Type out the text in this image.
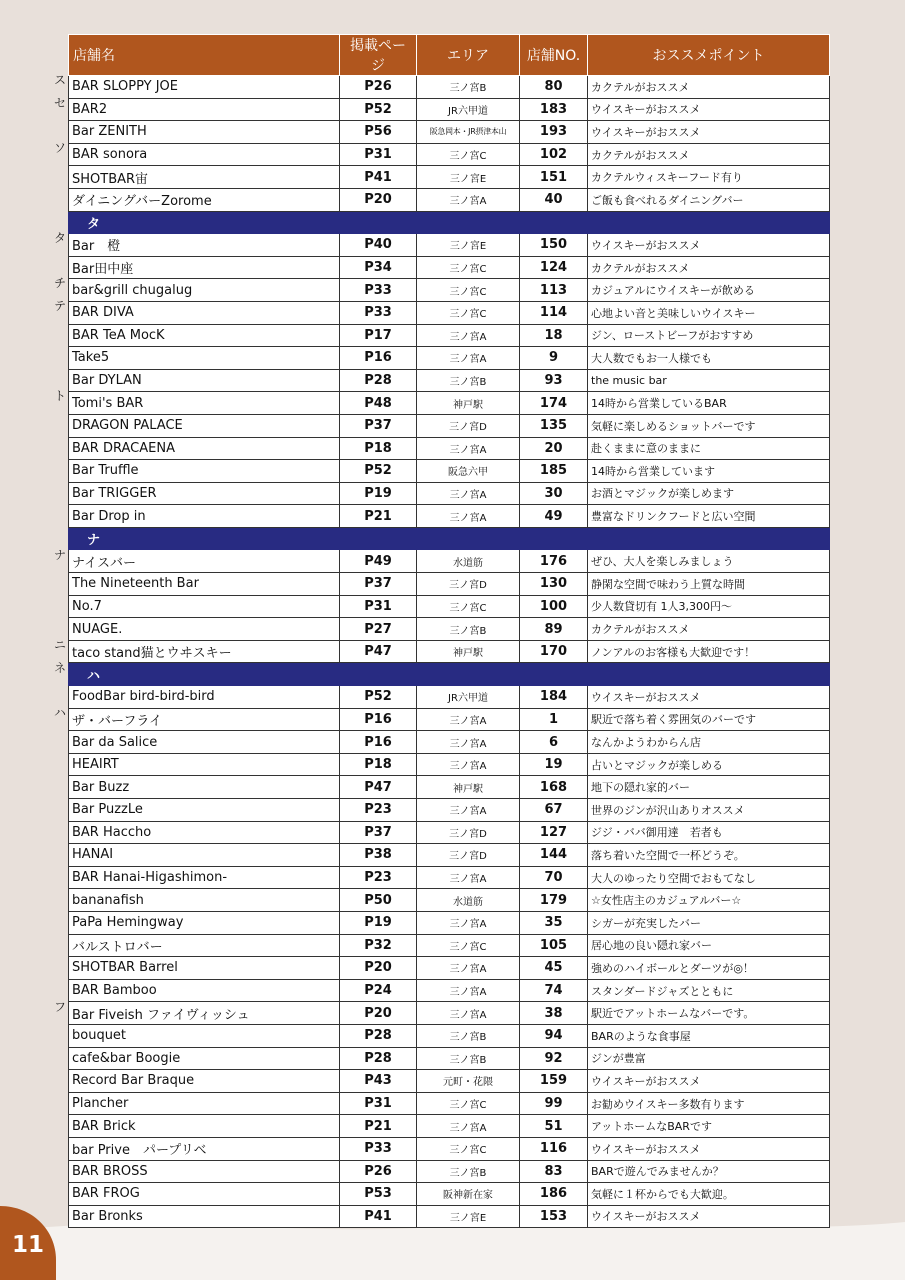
11
ス
セ
ソ
タ
チ
テ
ト
ナ
ニ
ネ
ハ
フ
店舗名	掲載ページ	エリア	店舗NO.	おススメポイント
BAR SLOPPY JOE	P26	三ノ宮B	80	カクテルがおススメ
BAR2	P52	JR六甲道	183	ウイスキーがおススメ
Bar ZENITH	P56	阪急岡本・JR摂津本山	193	ウイスキーがおススメ
BAR sonora	P31	三ノ宮C	102	カクテルがおススメ
SHOTBAR宙	P41	三ノ宮E	151	カクテルウィスキーフード有り
ダイニングバーZorome	P20	三ノ宮A	40	ご飯も食べれるダイニングバー
タ				
Bar　橙	P40	三ノ宮E	150	ウイスキーがおススメ
Bar田中座	P34	三ノ宮C	124	カクテルがおススメ
bar&grill chugalug	P33	三ノ宮C	113	カジュアルにウイスキーが飲める
BAR DIVA	P33	三ノ宮C	114	心地よい音と美味しいウイスキー
BAR TeA MocK	P17	三ノ宮A	18	ジン、ローストビーフがおすすめ
Take5	P16	三ノ宮A	9	大人数でもお一人様でも
Bar DYLAN	P28	三ノ宮B	93	the music bar
Tomi's BAR	P48	神戸駅	174	14時から営業しているBAR
DRAGON PALACE	P37	三ノ宮D	135	気軽に楽しめるショットバーです
BAR DRACAENA	P18	三ノ宮A	20	赴くままに意のままに
Bar Truffle	P52	阪急六甲	185	14時から営業しています
Bar TRIGGER	P19	三ノ宮A	30	お酒とマジックが楽しめます
Bar Drop in	P21	三ノ宮A	49	豊富なドリンクフードと広い空間
ナ				
ナイスバー	P49	水道筋	176	ぜひ、大人を楽しみましょう
The Nineteenth Bar	P37	三ノ宮D	130	静閑な空間で味わう上質な時間
No.7	P31	三ノ宮C	100	少人数貸切有 1人3,300円～
NUAGE.	P27	三ノ宮B	89	カクテルがおススメ
taco stand猫とウヰスキー	P47	神戸駅	170	ノンアルのお客様も大歓迎です！
ハ				
FoodBar bird-bird-bird	P52	JR六甲道	184	ウイスキーがおススメ
ザ・バーフライ	P16	三ノ宮A	1	駅近で落ち着く雰囲気のバーです
Bar da Salice	P16	三ノ宮A	6	なんかようわからん店
HEAIRT	P18	三ノ宮A	19	占いとマジックが楽しめる
Bar Buzz	P47	神戸駅	168	地下の隠れ家的バー
Bar PuzzLe	P23	三ノ宮A	67	世界のジンが沢山ありオススメ
BAR Haccho	P37	三ノ宮D	127	ジジ・ババ御用達　若者も
HANAI	P38	三ノ宮D	144	落ち着いた空間で一杯どうぞ。
BAR Hanai-Higashimon-	P23	三ノ宮A	70	大人のゆったり空間でおもてなし
bananafish	P50	水道筋	179	☆女性店主のカジュアルバー☆
PaPa Hemingway	P19	三ノ宮A	35	シガーが充実したバー
バルストロバー	P32	三ノ宮C	105	居心地の良い隠れ家バー
SHOTBAR Barrel	P20	三ノ宮A	45	強めのハイボールとダーツが◎！
BAR Bamboo	P24	三ノ宮A	74	スタンダードジャズとともに
Bar Fiveish ファイヴィッシュ	P20	三ノ宮A	38	駅近でアットホームなバーです。
bouquet	P28	三ノ宮B	94	BARのような食事屋
cafe&bar Boogie	P28	三ノ宮B	92	ジンが豊富
Record Bar Braque	P43	元町・花隈	159	ウイスキーがおススメ
Plancher	P31	三ノ宮C	99	お勧めウイスキー多数有ります
BAR Brick	P21	三ノ宮A	51	アットホームなBARです
bar Prive　パープリベ	P33	三ノ宮C	116	ウイスキーがおススメ
BAR BROSS	P26	三ノ宮B	83	BARで遊んでみませんか？
BAR FROG	P53	阪神新在家	186	気軽に１杯からでも大歓迎。
Bar Bronks	P41	三ノ宮E	153	ウイスキーがおススメ
